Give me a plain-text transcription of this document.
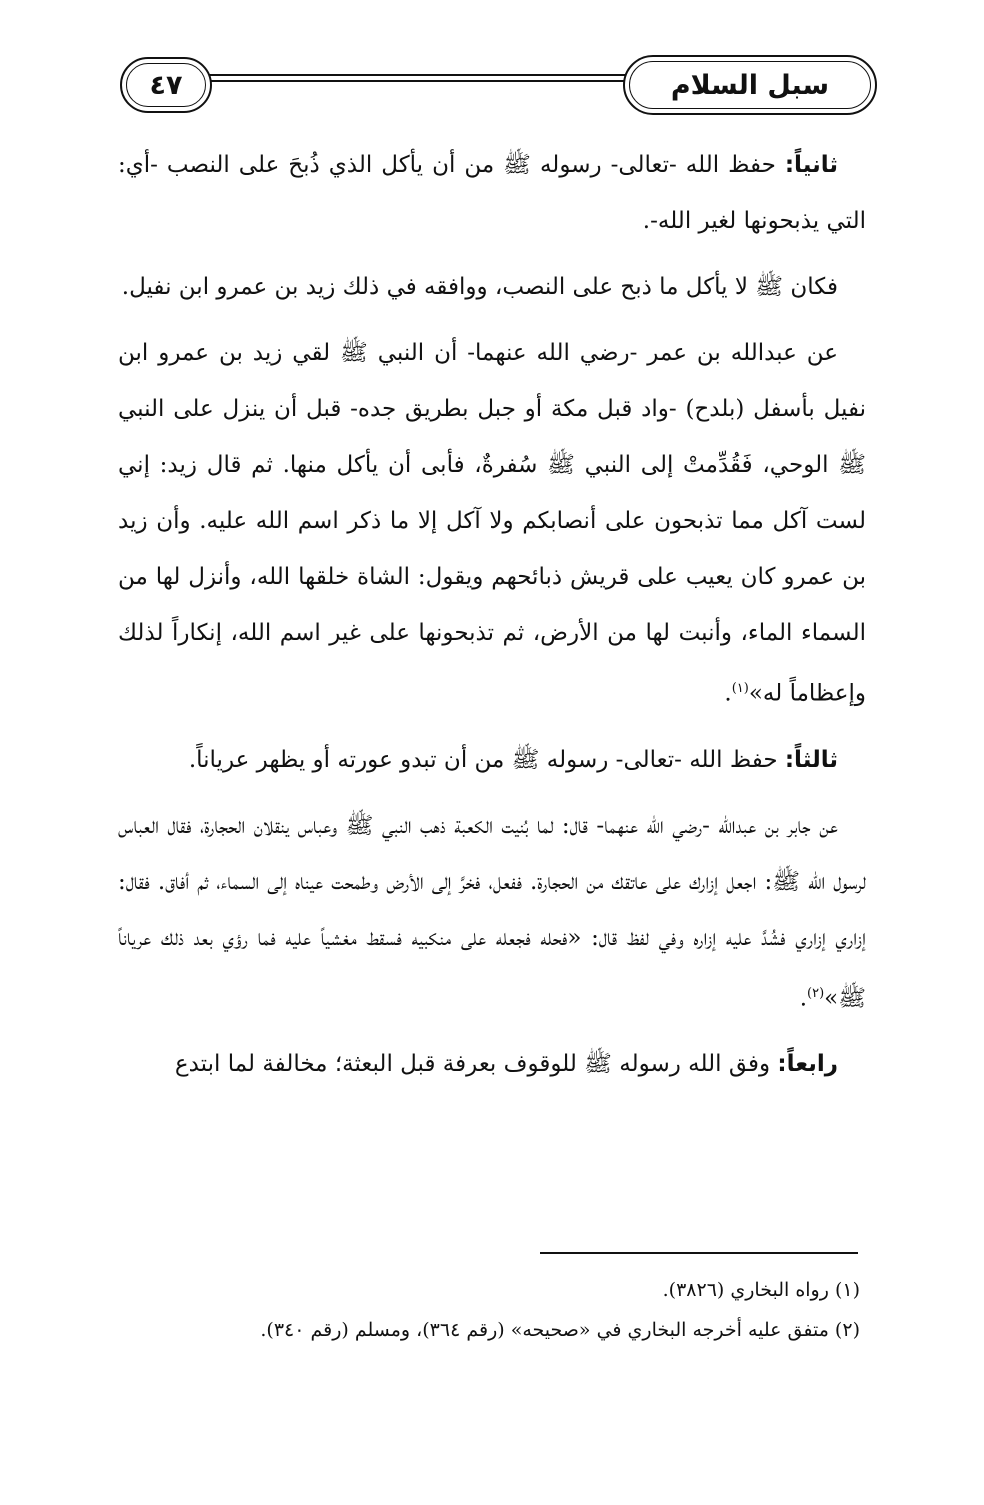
سبل السلام
٤٧

ثانياً: حفظ الله -تعالى- رسوله ﷺ من أن يأكل الذي ذُبحَ على النصب -أي: التي يذبحونها لغير الله-.

فكان ﷺ لا يأكل ما ذبح على النصب، ووافقه في ذلك زيد بن عمرو ابن نفيل.

عن عبدالله بن عمر -رضي الله عنهما- أن النبي ﷺ لقي زيد بن عمرو ابن نفيل بأسفل (بلدح) -واد قبل مكة أو جبل بطريق جده- قبل أن ينزل على النبي ﷺ الوحي، فَقُدِّمتْ إلى النبي ﷺ سُفرةٌ، فأبى أن يأكل منها. ثم قال زيد: إني لست آكل مما تذبحون على أنصابكم ولا آكل إلا ما ذكر اسم الله عليه. وأن زيد بن عمرو كان يعيب على قريش ذبائحهم ويقول: الشاة خلقها الله، وأنزل لها من السماء الماء، وأنبت لها من الأرض، ثم تذبحونها على غير اسم الله، إنكاراً لذلك وإعظاماً له»$^{(١)}$.

ثالثاً: حفظ الله -تعالى- رسوله ﷺ من أن تبدو عورته أو يظهر عرياناً.

عن جابر بن عبدالله -رضي الله عنهما- قال: لما بُنيت الكعبة ذهب النبي ﷺ وعباس ينقلان الحجارة، فقال العباس لرسول الله ﷺ: اجعل إزارك على عاتقك من الحجارة. ففعل، فخرَّ إلى الأرض وطمحت عيناه إلى السماء، ثم أفاق. فقال: إزاري إزاري فشُدَّ عليه إزاره وفي لفظ قال: «فحله فجعله على منكبيه فسقط مغشياً عليه فما رؤي بعد ذلك عرياناً ﷺ»$^{(٢)}$.

رابعاً: وفق الله رسوله ﷺ للوقوف بعرفة قبل البعثة؛ مخالفة لما ابتدع

(١) رواه البخاري (٣٨٢٦).

(٢) متفق عليه أخرجه البخاري في «صحيحه» (رقم ٣٦٤)، ومسلم (رقم ٣٤٠).
